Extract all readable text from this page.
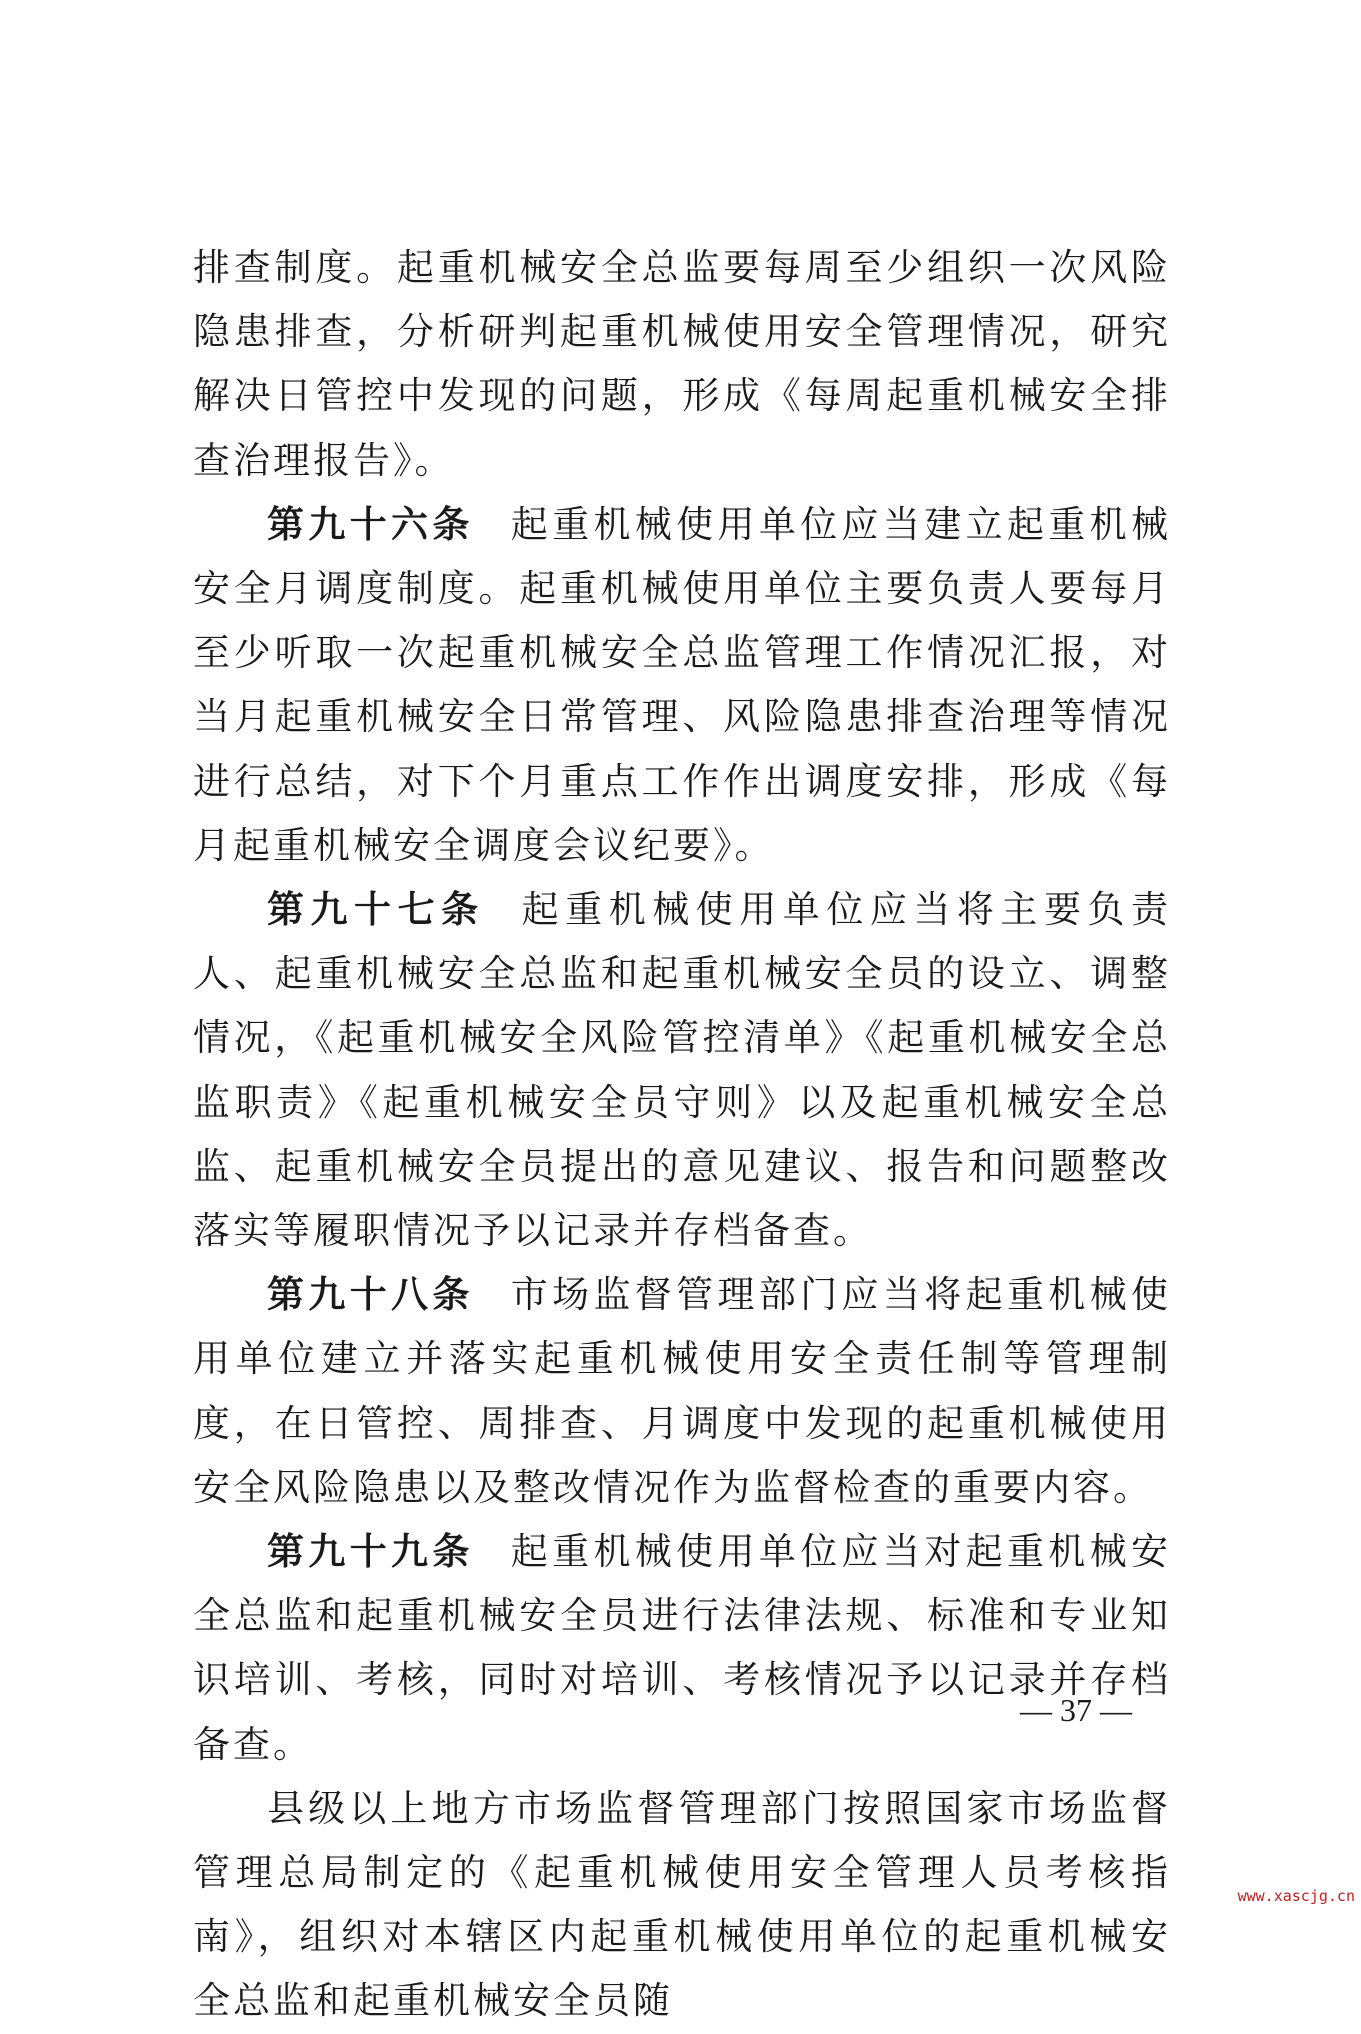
排查制度。起重机械安全总监要每周至少组织一次风险隐患排查，分析研判起重机械使用安全管理情况，研究解决日管控中发现的问题，形成《每周起重机械安全排查治理报告》。

第九十六条 起重机械使用单位应当建立起重机械安全月调度制度。起重机械使用单位主要负责人要每月至少听取一次起重机械安全总监管理工作情况汇报，对当月起重机械安全日常管理、风险隐患排查治理等情况进行总结，对下个月重点工作作出调度安排，形成《每月起重机械安全调度会议纪要》。

第九十七条 起重机械使用单位应当将主要负责人、起重机械安全总监和起重机械安全员的设立、调整情况，《起重机械安全风险管控清单》《起重机械安全总监职责》《起重机械安全员守则》以及起重机械安全总监、起重机械安全员提出的意见建议、报告和问题整改落实等履职情况予以记录并存档备查。

第九十八条 市场监督管理部门应当将起重机械使用单位建立并落实起重机械使用安全责任制等管理制度，在日管控、周排查、月调度中发现的起重机械使用安全风险隐患以及整改情况作为监督检查的重要内容。

第九十九条 起重机械使用单位应当对起重机械安全总监和起重机械安全员进行法律法规、标准和专业知识培训、考核，同时对培训、考核情况予以记录并存档备查。

县级以上地方市场监督管理部门按照国家市场监督管理总局制定的《起重机械使用安全管理人员考核指南》，组织对本辖区内起重机械使用单位的起重机械安全总监和起重机械安全员随

— 37 —
www.xascjg.cn
